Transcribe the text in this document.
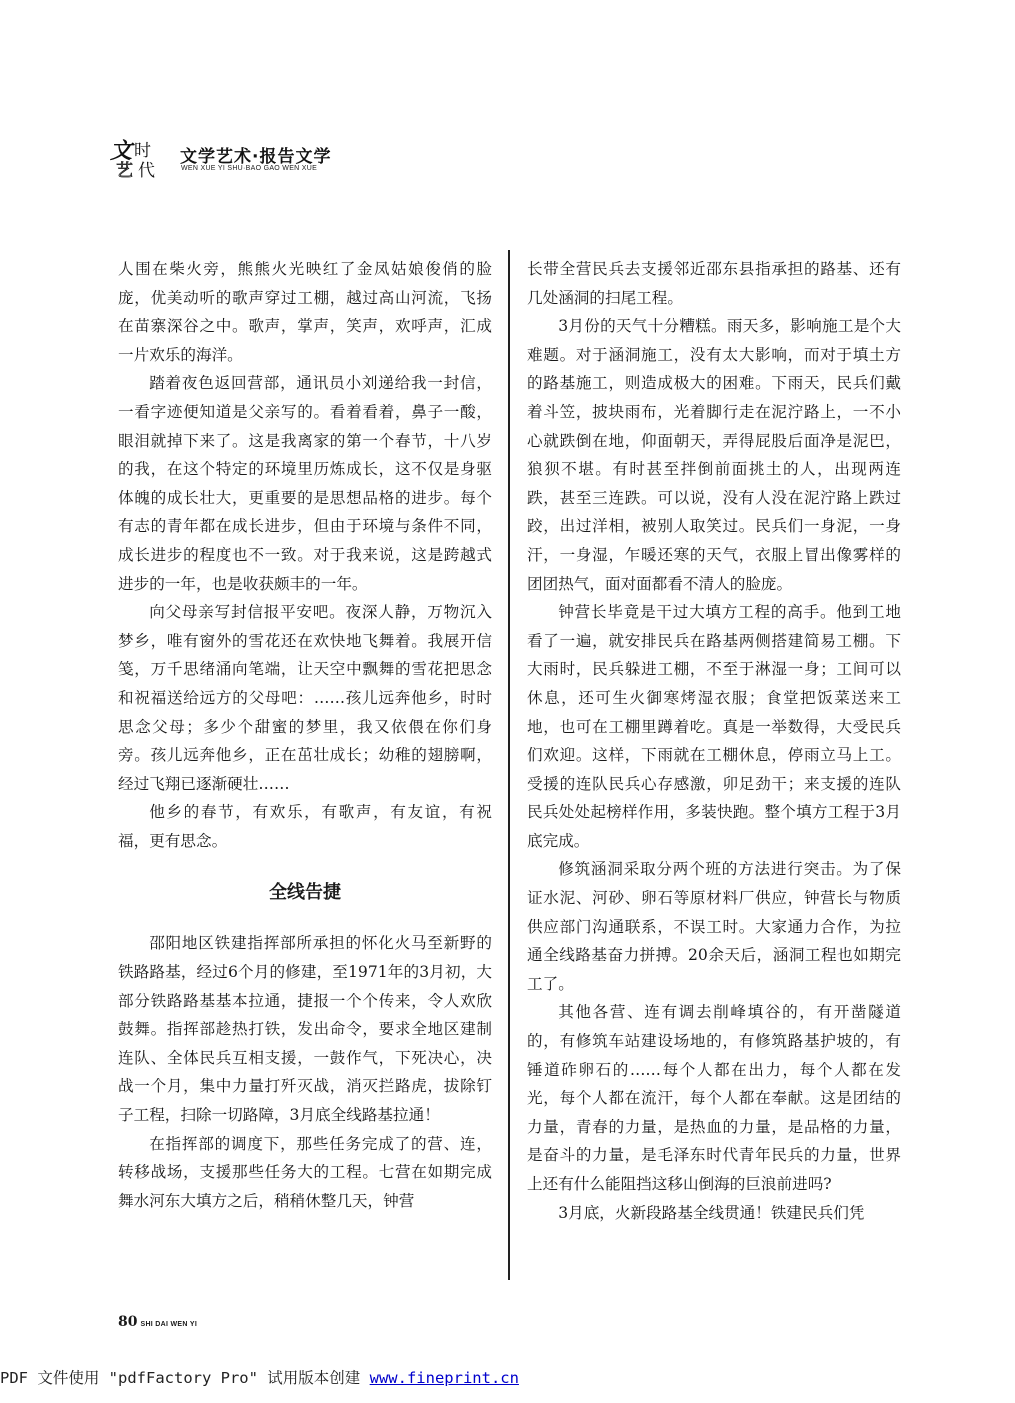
文 时
艺 代
文学艺术·报告文学
WEN XUE YI SHU·BAO GAO WEN XUE

人围在柴火旁，熊熊火光映红了金凤姑娘俊俏的脸庞，优美动听的歌声穿过工棚，越过高山河流，飞扬在苗寨深谷之中。歌声，掌声，笑声，欢呼声，汇成一片欢乐的海洋。

踏着夜色返回营部，通讯员小刘递给我一封信，一看字迹便知道是父亲写的。看着看着，鼻子一酸，眼泪就掉下来了。这是我离家的第一个春节，十八岁的我，在这个特定的环境里历炼成长，这不仅是身驱体魄的成长壮大，更重要的是思想品格的进步。每个有志的青年都在成长进步，但由于环境与条件不同，成长进步的程度也不一致。对于我来说，这是跨越式进步的一年，也是收获颇丰的一年。

向父母亲写封信报平安吧。夜深人静，万物沉入梦乡，唯有窗外的雪花还在欢快地飞舞着。我展开信笺，万千思绪涌向笔端，让天空中飘舞的雪花把思念和祝福送给远方的父母吧：……孩儿远奔他乡，时时思念父母；多少个甜蜜的梦里，我又依偎在你们身旁。孩儿远奔他乡，正在茁壮成长；幼稚的翅膀啊，经过飞翔已逐渐硬壮……

他乡的春节，有欢乐，有歌声，有友谊，有祝福，更有思念。

全线告捷

邵阳地区铁建指挥部所承担的怀化火马至新野的铁路路基，经过6个月的修建，至1971年的3月初，大部分铁路路基基本拉通，捷报一个个传来，令人欢欣鼓舞。指挥部趁热打铁，发出命令，要求全地区建制连队、全体民兵互相支援，一鼓作气，下死决心，决战一个月，集中力量打歼灭战，消灭拦路虎，拔除钉子工程，扫除一切路障，3月底全线路基拉通！

在指挥部的调度下，那些任务完成了的营、连，转移战场，支援那些任务大的工程。七营在如期完成舞水河东大填方之后，稍稍休整几天，钟营

长带全营民兵去支援邻近邵东县指承担的路基、还有几处涵洞的扫尾工程。

3月份的天气十分糟糕。雨天多，影响施工是个大难题。对于涵洞施工，没有太大影响，而对于填土方的路基施工，则造成极大的困难。下雨天，民兵们戴着斗笠，披块雨布，光着脚行走在泥泞路上，一不小心就跌倒在地，仰面朝天，弄得屁股后面净是泥巴，狼狈不堪。有时甚至拌倒前面挑土的人，出现两连跌，甚至三连跌。可以说，没有人没在泥泞路上跌过跤，出过洋相，被别人取笑过。民兵们一身泥，一身汗，一身湿，乍暖还寒的天气，衣服上冒出像雾样的团团热气，面对面都看不清人的脸庞。

钟营长毕竟是干过大填方工程的高手。他到工地看了一遍，就安排民兵在路基两侧搭建简易工棚。下大雨时，民兵躲进工棚，不至于淋湿一身；工间可以休息，还可生火御寒烤湿衣服；食堂把饭菜送来工地，也可在工棚里蹲着吃。真是一举数得，大受民兵们欢迎。这样，下雨就在工棚休息，停雨立马上工。受援的连队民兵心存感激，卯足劲干；来支援的连队民兵处处起榜样作用，多装快跑。整个填方工程于3月底完成。

修筑涵洞采取分两个班的方法进行突击。为了保证水泥、河砂、卵石等原材料厂供应，钟营长与物质供应部门沟通联系，不误工时。大家通力合作，为拉通全线路基奋力拼搏。20余天后，涵洞工程也如期完工了。

其他各营、连有调去削峰填谷的，有开凿隧道的，有修筑车站建设场地的，有修筑路基护坡的，有锤道砟卵石的……每个人都在出力，每个人都在发光，每个人都在流汗，每个人都在奉献。这是团结的力量，青春的力量，是热血的力量，是品格的力量，是奋斗的力量，是毛泽东时代青年民兵的力量，世界上还有什么能阻挡这移山倒海的巨浪前进吗?

3月底，火新段路基全线贯通！铁建民兵们凭

80 SHI DAI WEN YI
PDF 文件使用 "pdfFactory Pro" 试用版本创建 www.fineprint.cn
